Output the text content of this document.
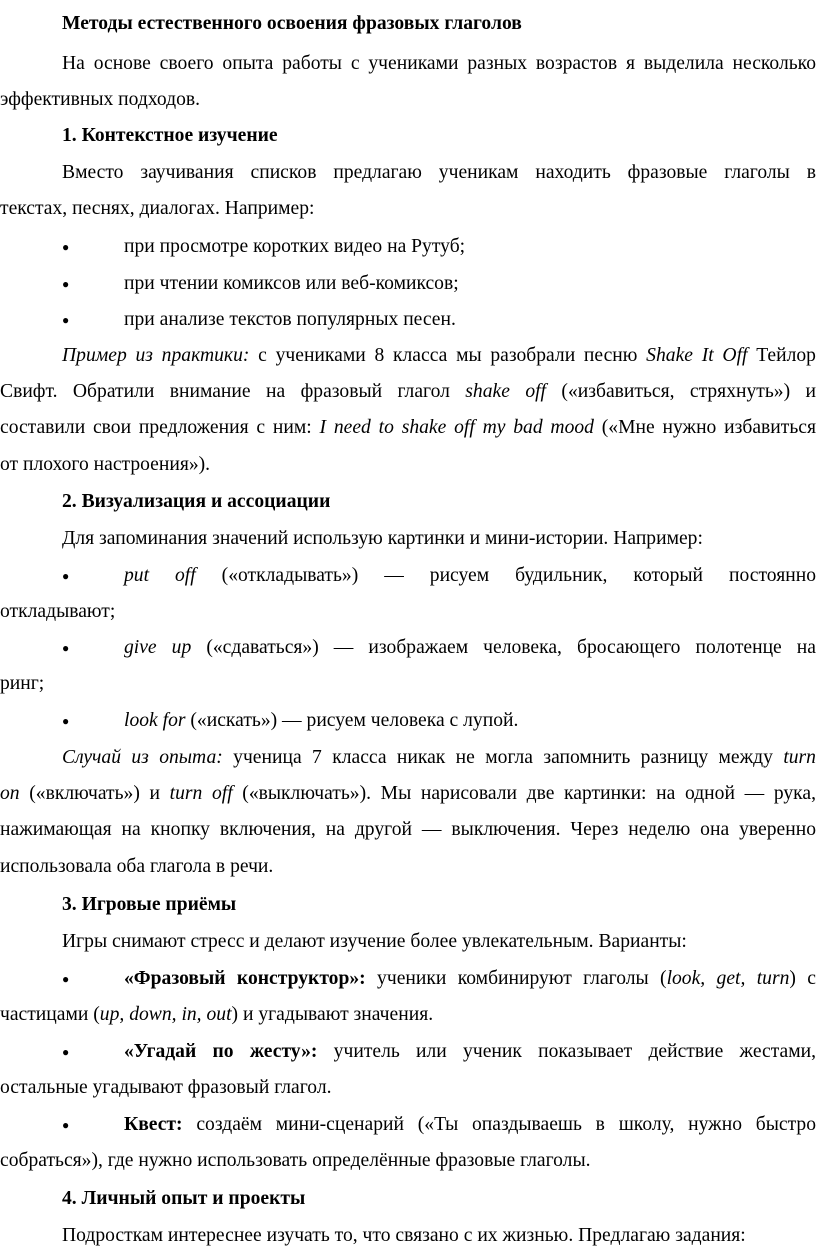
Методы естественного освоения фразовых глаголов

На основе своего опыта работы с учениками разных возрастов я выделила несколько
эффективных подходов.

1. Контекстное изучение

Вместо заучивания списков предлагаю ученикам находить фразовые глаголы в
текстах, песнях, диалогах. Например:
●	при просмотре коротких видео на Рутуб;
●	при чтении комиксов или веб-комиксов;
●	при анализе текстов популярных песен.
Пример из практики: с учениками 8 класса мы разобрали песню Shake It Off Тейлор
Свифт. Обратили внимание на фразовый глагол shake off («избавиться, стряхнуть») и
составили свои предложения с ним: I need to shake off my bad mood («Мне нужно избавиться
от плохого настроения»).

2. Визуализация и ассоциации

Для запоминания значений использую картинки и мини-истории. Например:
●	put off («откладывать») — рисуем будильник, который постоянно
откладывают;
●	give up («сдаваться») — изображаем человека, бросающего полотенце на
ринг;
●	look for («искать») — рисуем человека с лупой.
Случай из опыта: ученица 7 класса никак не могла запомнить разницу между turn
on («включать») и turn off («выключать»). Мы нарисовали две картинки: на одной — рука,
нажимающая на кнопку включения, на другой — выключения. Через неделю она уверенно
использовала оба глагола в речи.

3. Игровые приёмы

Игры снимают стресс и делают изучение более увлекательным. Варианты:
●	«Фразовый конструктор»: ученики комбинируют глаголы (look, get, turn) с
частицами (up, down, in, out) и угадывают значения.
●	«Угадай по жесту»: учитель или ученик показывает действие жестами,
остальные угадывают фразовый глагол.
●	Квест: создаём мини-сценарий («Ты опаздываешь в школу, нужно быстро
собраться»), где нужно использовать определённые фразовые глаголы.

4. Личный опыт и проекты

Подросткам интереснее изучать то, что связано с их жизнью. Предлагаю задания:
